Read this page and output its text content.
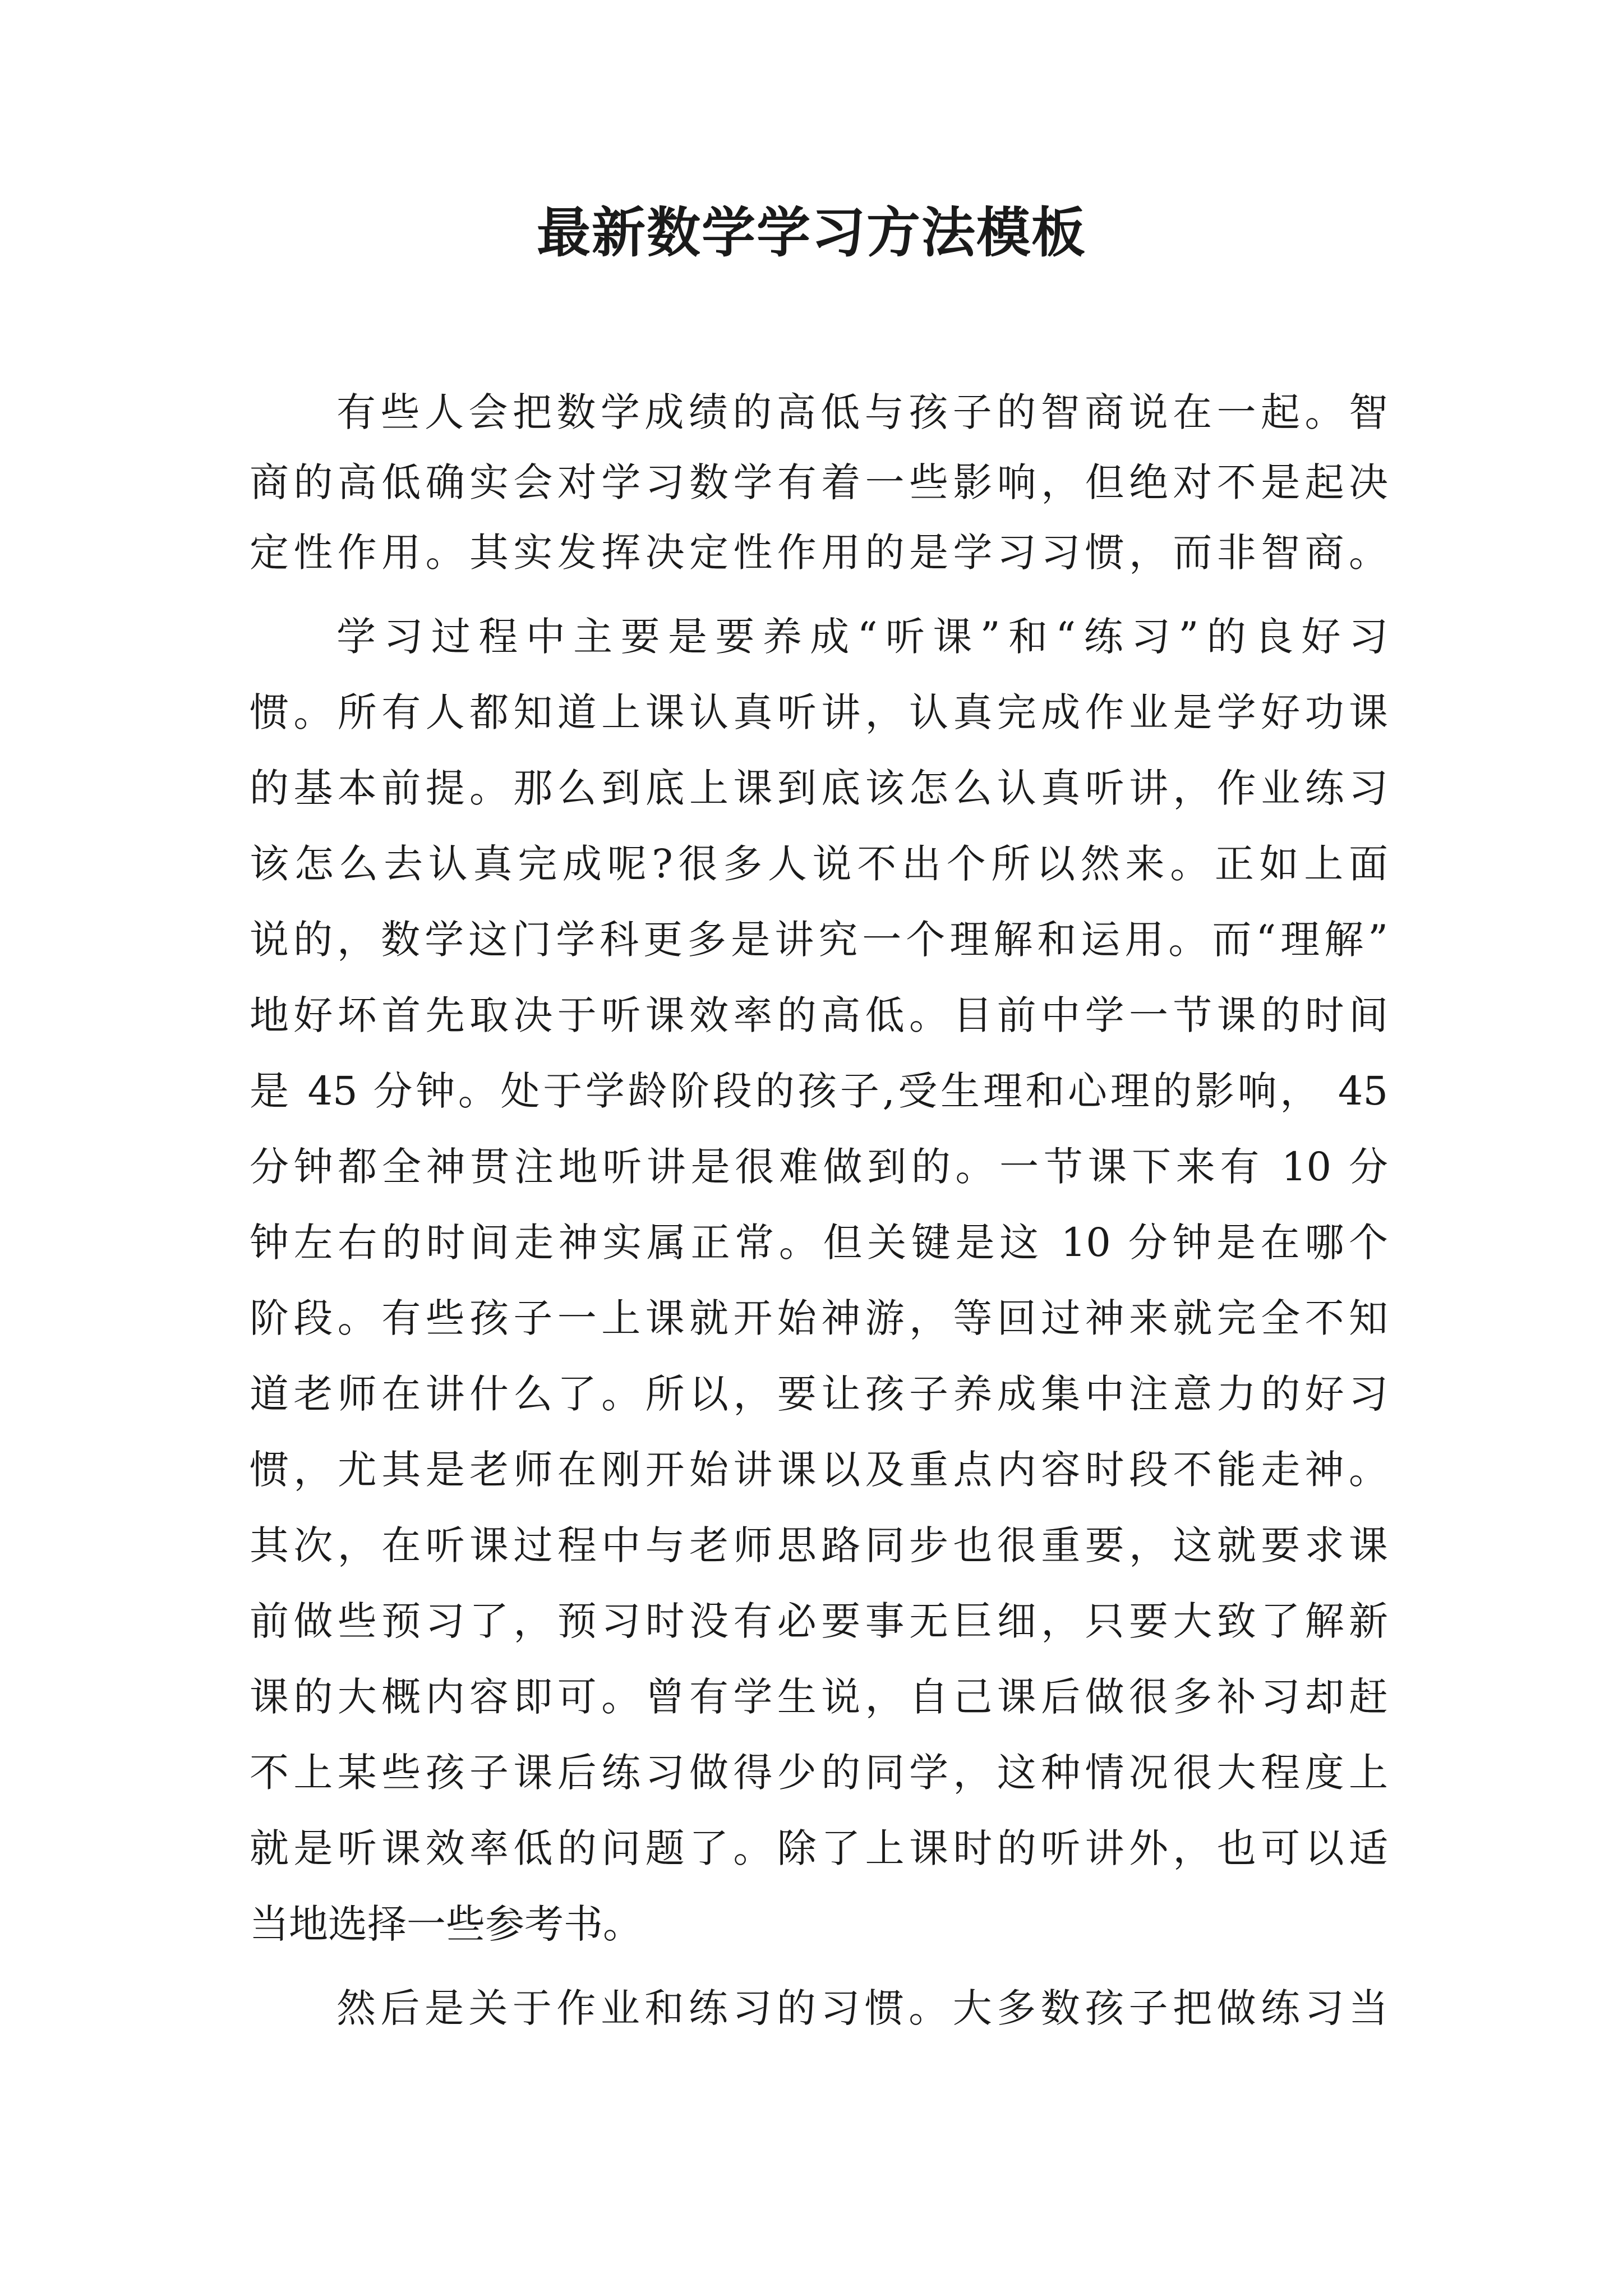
最新数学学习方法模板

有些人会把数学成绩的高低与孩子的智商说在一起。智

商的高低确实会对学习数学有着一些影响，但绝对不是起决

定性作用。其实发挥决定性作用的是学习习惯，而非智商。

学习过程中主要是要养成“听课”和“练习”的良好习

惯。所有人都知道上课认真听讲，认真完成作业是学好功课

的基本前提。那么到底上课到底该怎么认真听讲，作业练习

该怎么去认真完成呢?很多人说不出个所以然来。正如上面

说的，数学这门学科更多是讲究一个理解和运用。而“理解”

地好坏首先取决于听课效率的高低。目前中学一节课的时间

是 45 分钟。处于学龄阶段的孩子,受生理和心理的影响， 45

分钟都全神贯注地听讲是很难做到的。一节课下来有 10 分

钟左右的时间走神实属正常。但关键是这 10 分钟是在哪个

阶段。有些孩子一上课就开始神游，等回过神来就完全不知

道老师在讲什么了。所以，要让孩子养成集中注意力的好习

惯，尤其是老师在刚开始讲课以及重点内容时段不能走神。

其次，在听课过程中与老师思路同步也很重要，这就要求课

前做些预习了，预习时没有必要事无巨细，只要大致了解新

课的大概内容即可。曾有学生说，自己课后做很多补习却赶

不上某些孩子课后练习做得少的同学，这种情况很大程度上

就是听课效率低的问题了。除了上课时的听讲外，也可以适

当地选择一些参考书。

然后是关于作业和练习的习惯。大多数孩子把做练习当
